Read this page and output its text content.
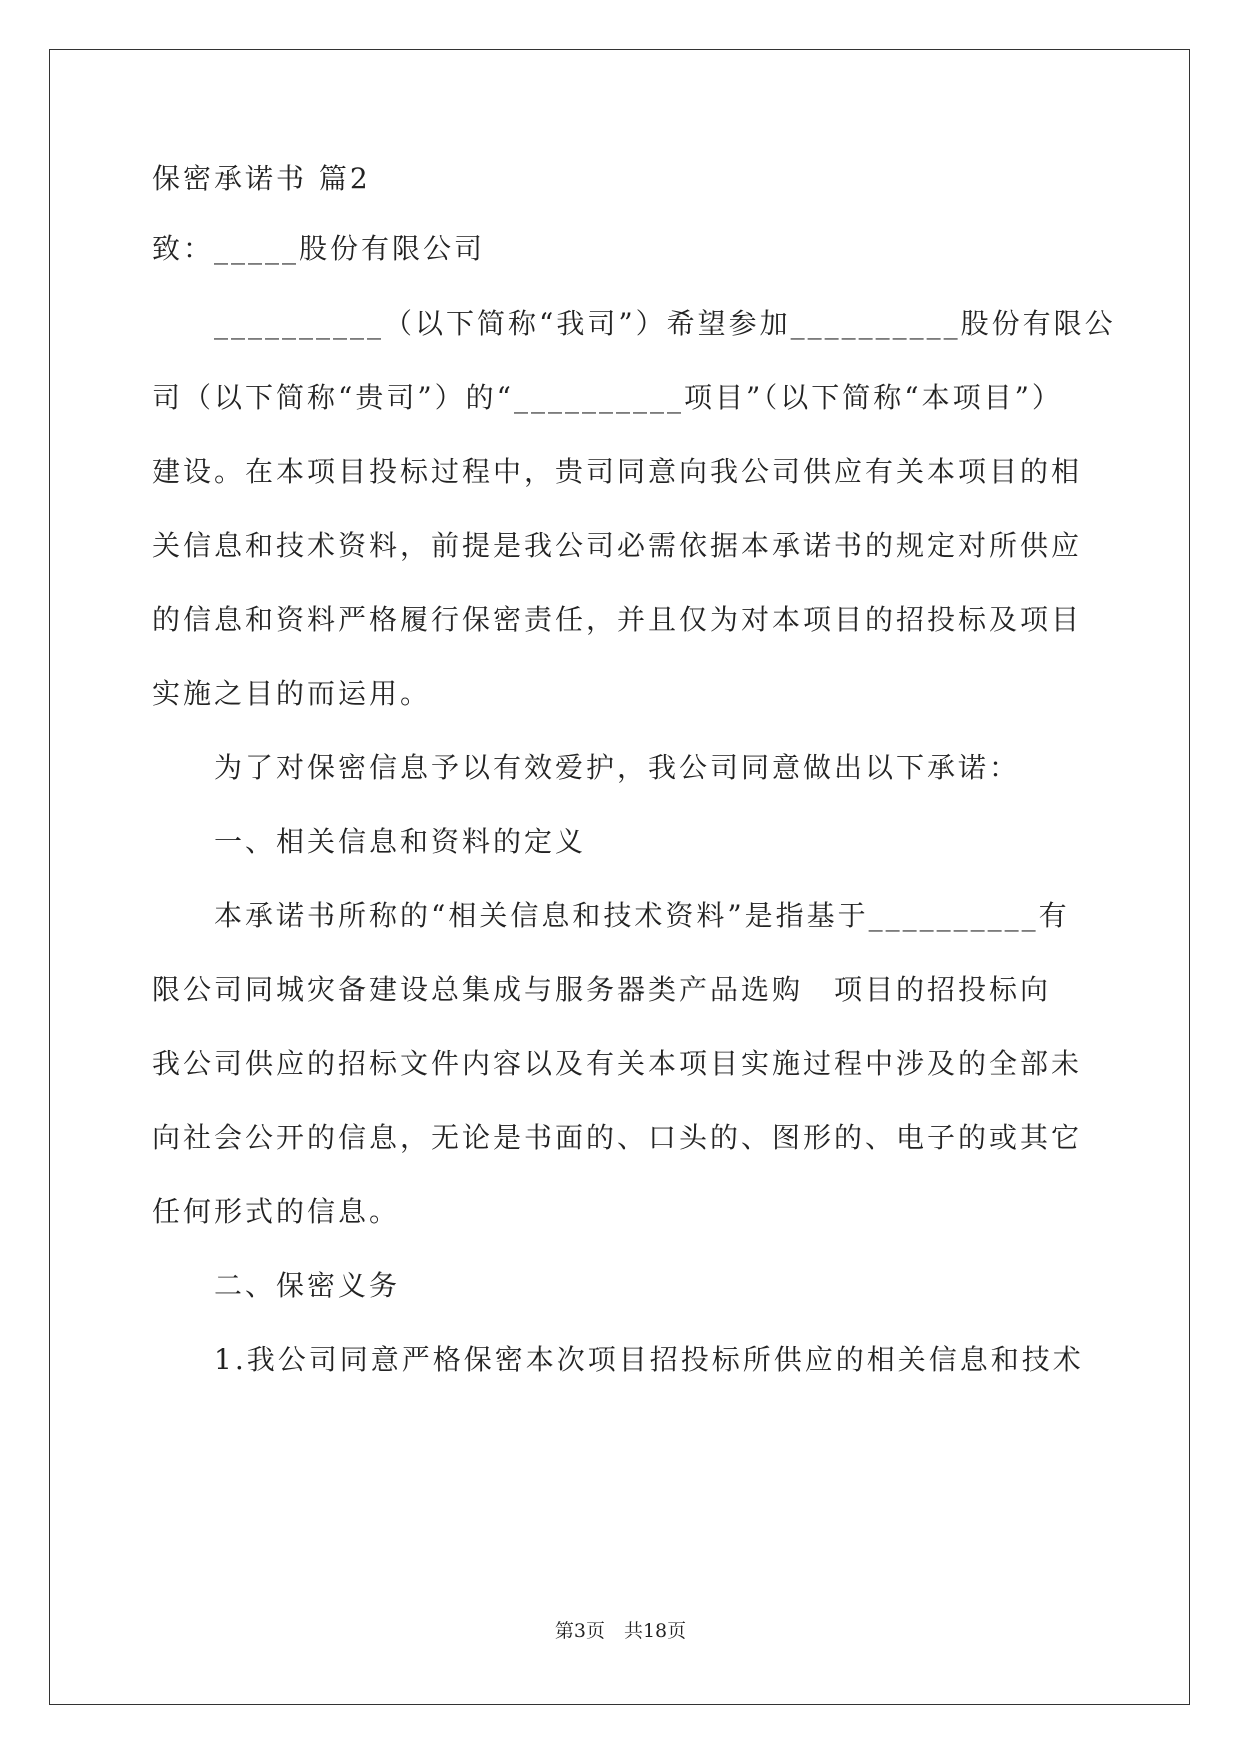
保密承诺书 篇2
致：_____股份有限公司
__________（以下简称“我司”）希望参加__________股份有限公
司（以下简称“贵司”）的“__________项目”（以下简称“本项目”）
建设。在本项目投标过程中，贵司同意向我公司供应有关本项目的相
关信息和技术资料，前提是我公司必需依据本承诺书的规定对所供应
的信息和资料严格履行保密责任，并且仅为对本项目的招投标及项目
实施之目的而运用。
为了对保密信息予以有效爱护，我公司同意做出以下承诺：
一、相关信息和资料的定义
本承诺书所称的“相关信息和技术资料”是指基于__________有
限公司同城灾备建设总集成与服务器类产品选购　项目的招投标向
我公司供应的招标文件内容以及有关本项目实施过程中涉及的全部未
向社会公开的信息，无论是书面的、口头的、图形的、电子的或其它
任何形式的信息。
二、保密义务
1.我公司同意严格保密本次项目招投标所供应的相关信息和技术
第3页　共18页
